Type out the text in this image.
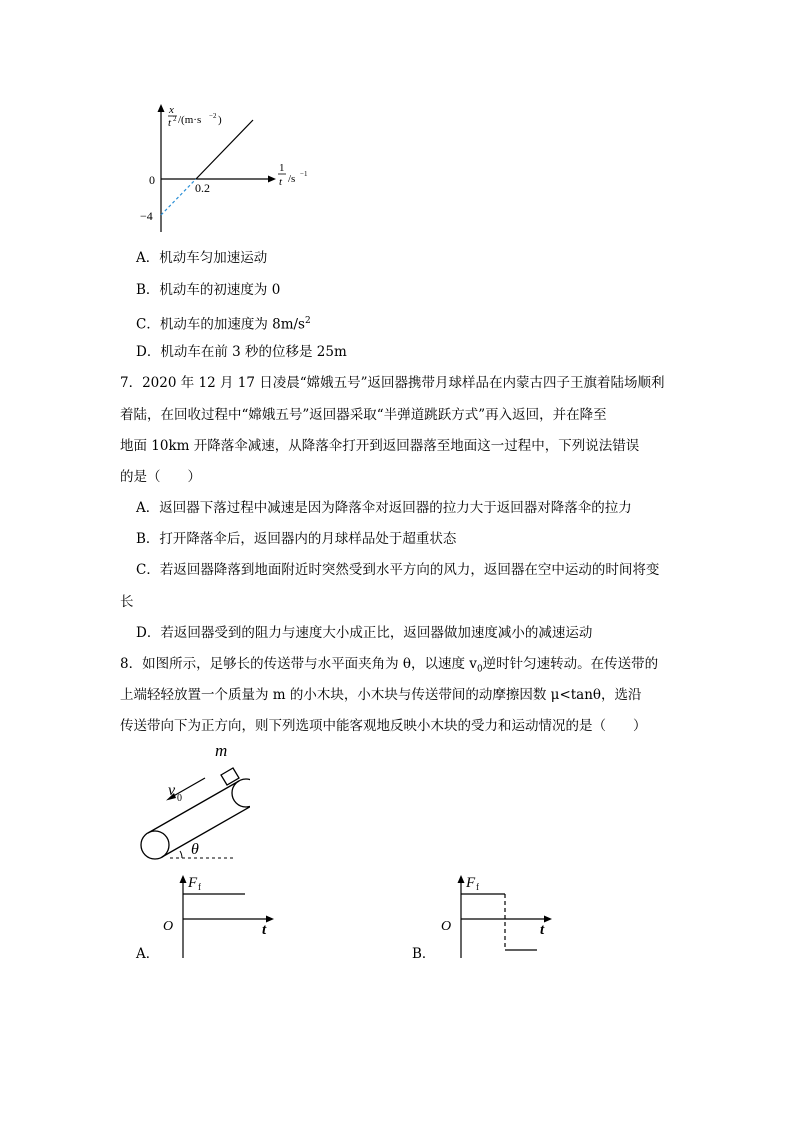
x
t 2 /(m·s −2 )
1
t /s −1
0
0.2
−4
A．机动车匀加速运动
B．机动车的初速度为 0
C．机动车的加速度为 $8m/s^2$
D．机动车在前 3 秒的位移是 25m
7．2020 年 12 月 17 日凌晨“嫦娥五号”返回器携带月球样品在内蒙古四子王旗着陆场顺利
着陆，在回收过程中“嫦娥五号”返回器采取“半弹道跳跃方式”再入返回，并在降至
地面 10km 开降落伞减速，从降落伞打开到返回器落至地面这一过程中，下列说法错误
的是（　　）
A．返回器下落过程中减速是因为降落伞对返回器的拉力大于返回器对降落伞的拉力
B．打开降落伞后，返回器内的月球样品处于超重状态
C．若返回器降落到地面附近时突然受到水平方向的风力，返回器在空中运动的时间将变
长
D．若返回器受到的阻力与速度大小成正比，返回器做加速度减小的减速运动
8．如图所示，足够长的传送带与水平面夹角为 θ，以速度 $v_0$逆时针匀速转动。在传送带的
上端轻轻放置一个质量为 m 的小木块，小木块与传送带间的动摩擦因数 μ<tanθ，选沿
传送带向下为正方向，则下列选项中能客观地反映小木块的受力和运动情况的是（　　）
m
v 0
θ
F f
O	t
A．
F f
O	t
B．
